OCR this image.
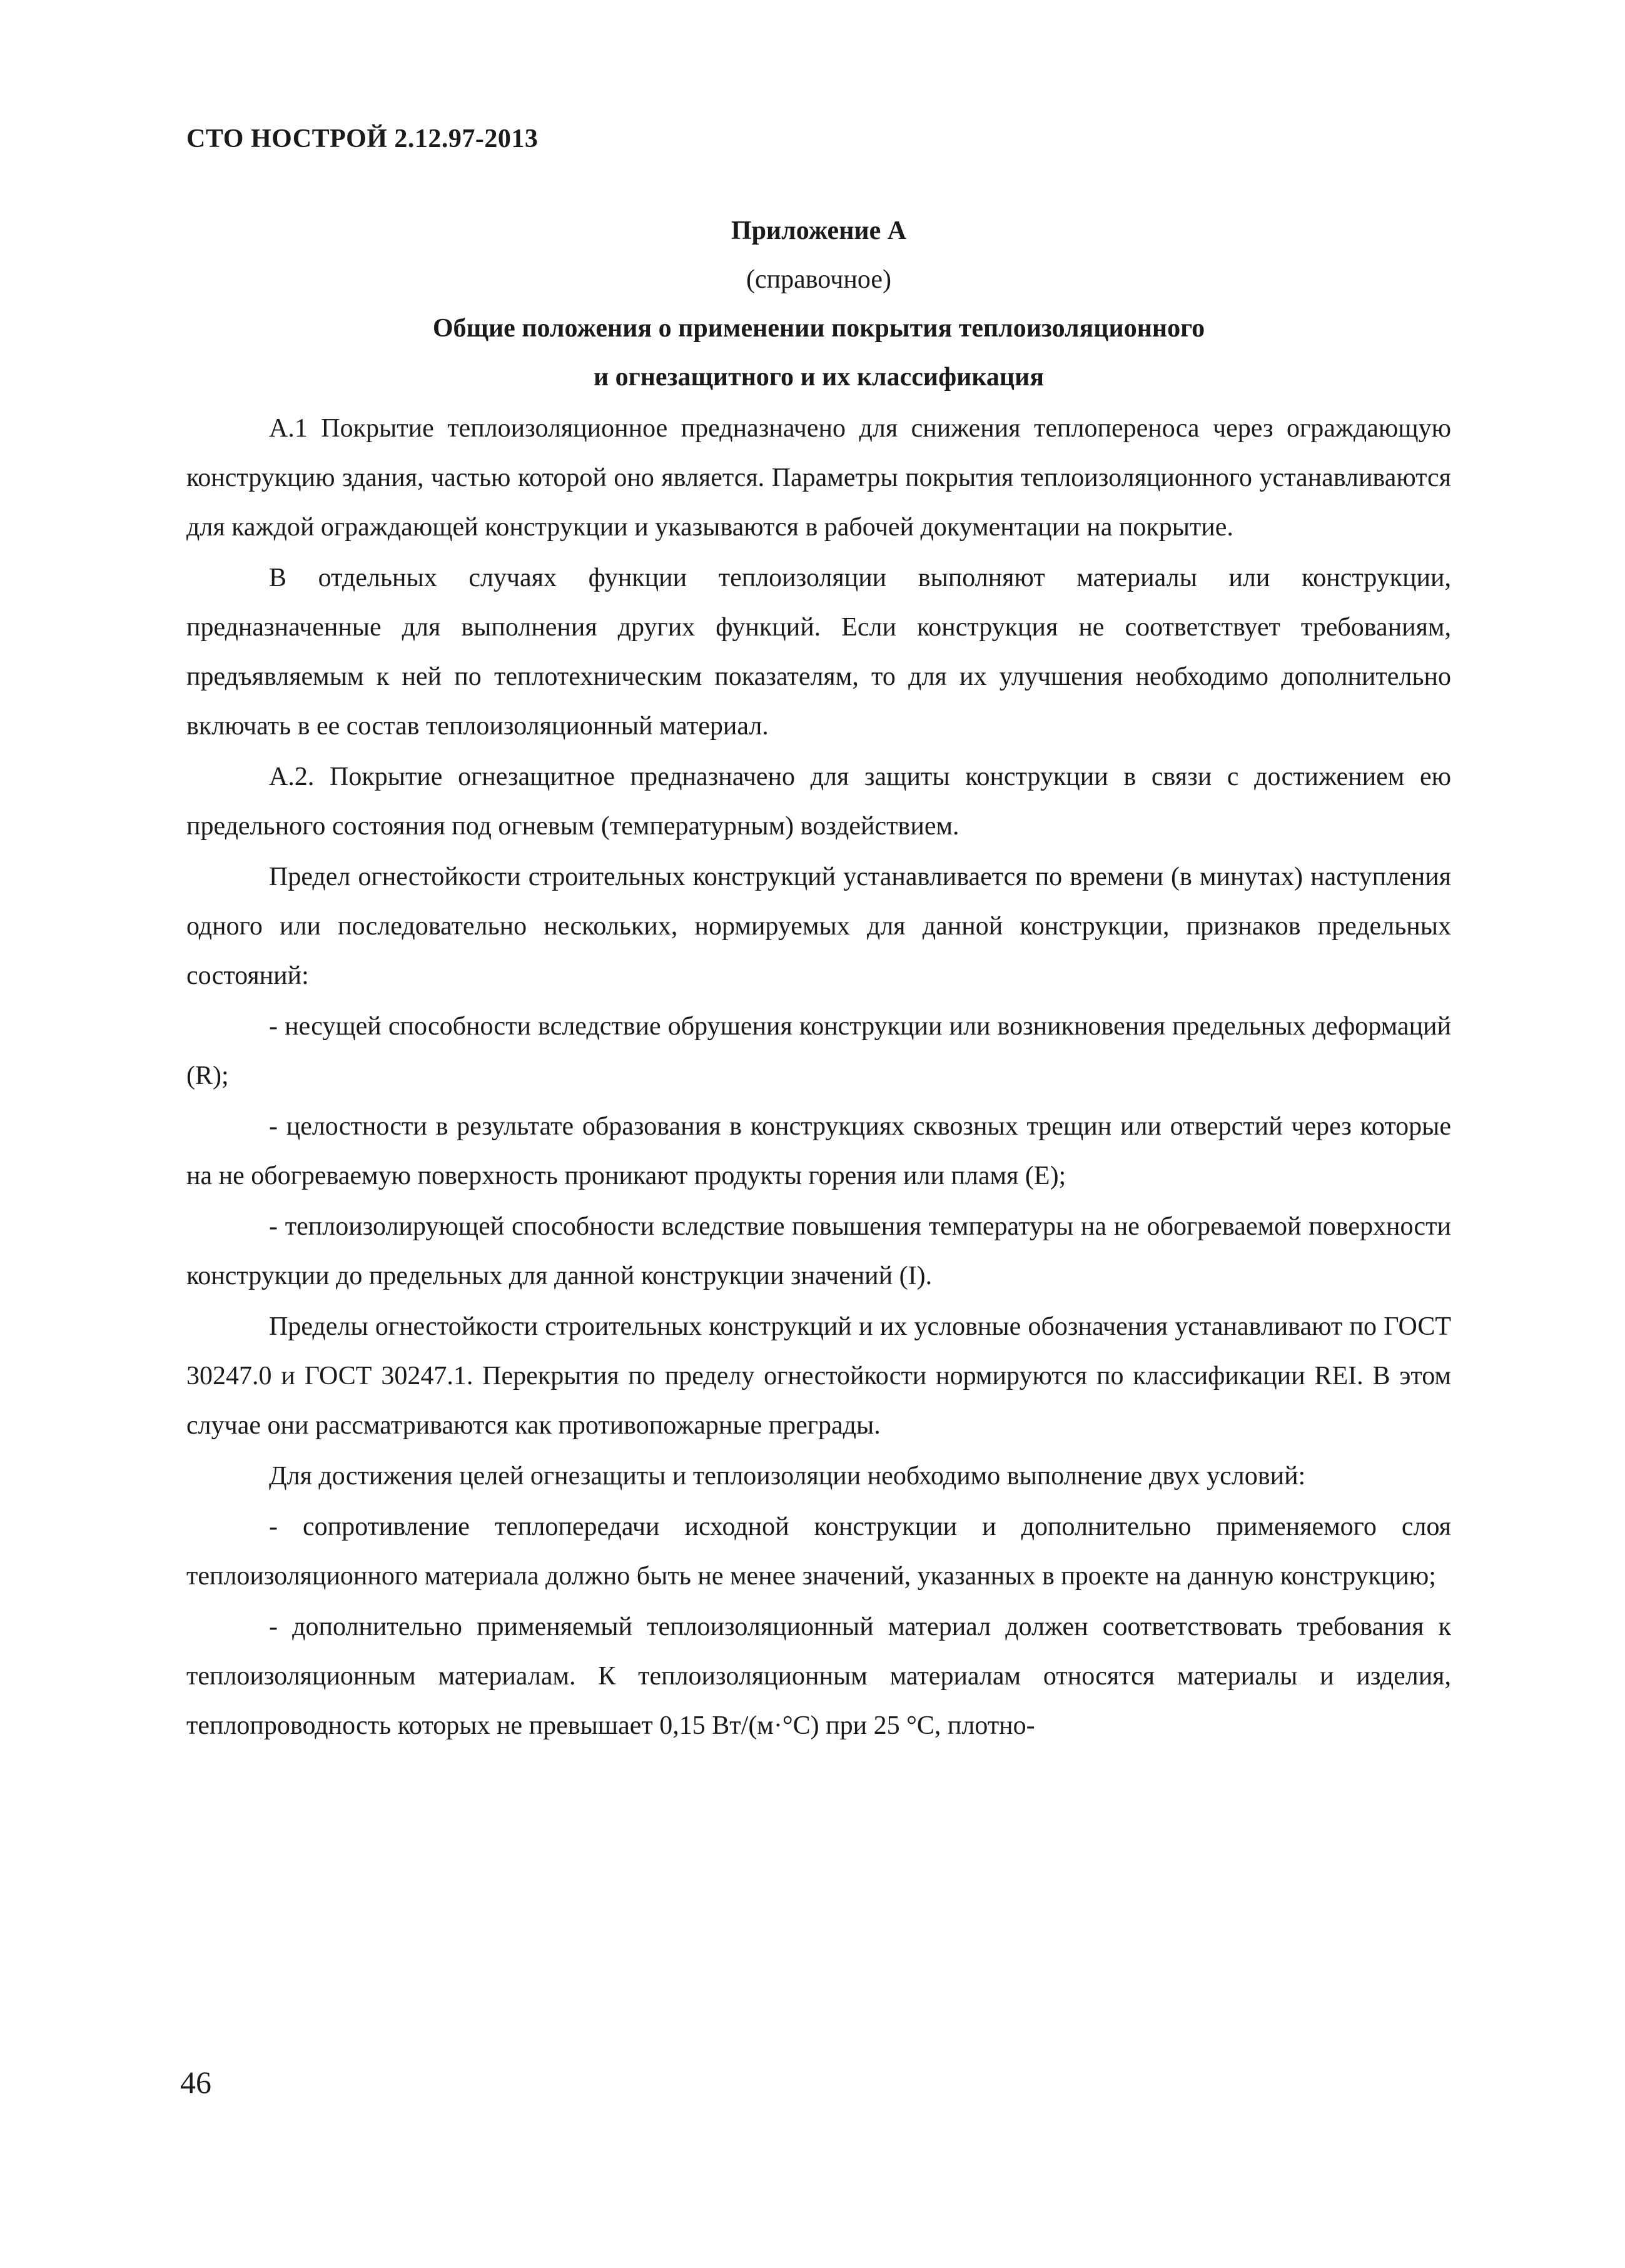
СТО НОСТРОЙ 2.12.97-2013

Приложение А

(справочное)

Общие положения о применении покрытия теплоизоляционного

и огнезащитного и их классификация

А.1 Покрытие теплоизоляционное предназначено для снижения теплопереноса через ограждающую конструкцию здания, частью которой оно является. Параметры покрытия теплоизоляционного устанавливаются для каждой ограждающей конструкции и указываются в рабочей документации на покрытие.

В отдельных случаях функции теплоизоляции выполняют материалы или конструкции, предназначенные для выполнения других функций. Если конструкция не соответствует требованиям, предъявляемым к ней по теплотехническим показателям, то для их улучшения необходимо дополнительно включать в ее состав теплоизоляционный материал.

А.2. Покрытие огнезащитное предназначено для защиты конструкции в связи с достижением ею предельного состояния под огневым (температурным) воздействием.

Предел огнестойкости строительных конструкций устанавливается по времени (в минутах) наступления одного или последовательно нескольких, нормируемых для данной конструкции, признаков предельных состояний:

- несущей способности вследствие обрушения конструкции или возникновения предельных деформаций (R);

- целостности в результате образования в конструкциях сквозных трещин или отверстий через которые на не обогреваемую поверхность проникают продукты горения или пламя (Е);

- теплоизолирующей способности вследствие повышения температуры на не обогреваемой поверхности конструкции до предельных для данной конструкции значений (I).

Пределы огнестойкости строительных конструкций и их условные обозначения устанавливают по ГОСТ 30247.0 и ГОСТ 30247.1. Перекрытия по пределу огнестойкости нормируются по классификации REI. В этом случае они рассматриваются как противопожарные преграды.

Для достижения целей огнезащиты и теплоизоляции необходимо выполнение двух условий:

- сопротивление теплопередачи исходной конструкции и дополнительно применяемого слоя теплоизоляционного материала должно быть не менее значений, указанных в проекте на данную конструкцию;

- дополнительно применяемый теплоизоляционный материал должен соответствовать требования к теплоизоляционным материалам. К теплоизоляционным материалам относятся материалы и изделия, теплопроводность которых не превышает 0,15 Вт/(м·°С) при 25 °С, плотно-

46
